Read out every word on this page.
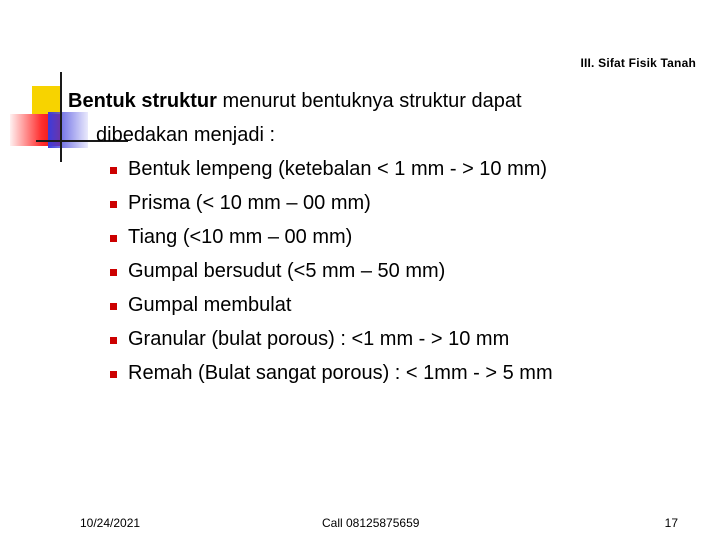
III. Sifat Fisik Tanah

Bentuk struktur menurut bentuknya struktur dapat

dibedakan menjadi :
Bentuk lempeng (ketebalan < 1 mm - > 10 mm)
Prisma (< 10 mm – 00 mm)
Tiang (<10 mm – 00 mm)
Gumpal bersudut (<5 mm – 50 mm)
Gumpal membulat
Granular (bulat porous) : <1 mm - > 10 mm
Remah (Bulat sangat porous) : < 1mm - > 5 mm
10/24/2021	Call 08125875659	17
